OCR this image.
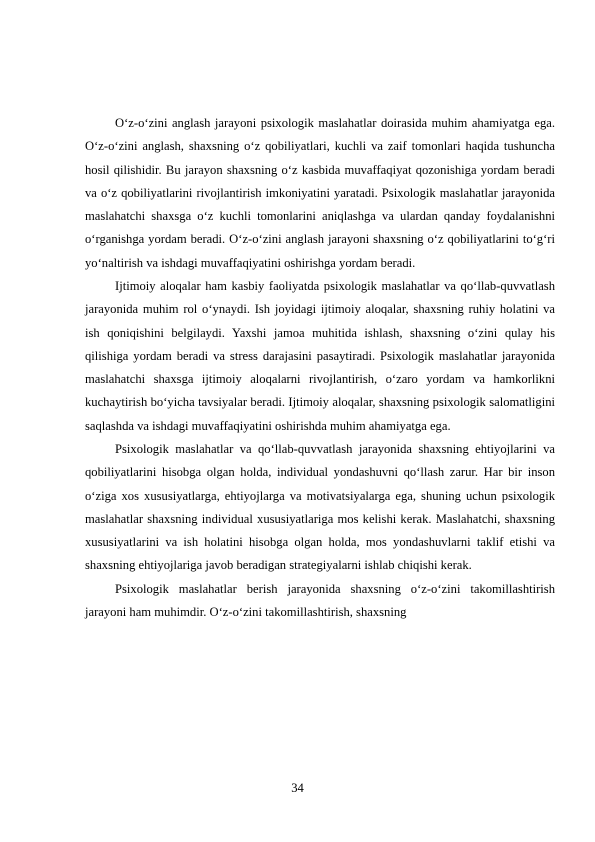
O‘z-o‘zini anglash jarayoni psixologik maslahatlar doirasida muhim ahamiyatga ega. O‘z-o‘zini anglash, shaxsning o‘z qobiliyatlari, kuchli va zaif tomonlari haqida tushuncha hosil qilishidir. Bu jarayon shaxsning o‘z kasbida muvaffaqiyat qozonishiga yordam beradi va o‘z qobiliyatlarini rivojlantirish imkoniyatini yaratadi. Psixologik maslahatlar jarayonida maslahatchi shaxsga o‘z kuchli tomonlarini aniqlashga va ulardan qanday foydalanishni o‘rganishga yordam beradi. O‘z-o‘zini anglash jarayoni shaxsning o‘z qobiliyatlarini to‘g‘ri yo‘naltirish va ishdagi muvaffaqiyatini oshirishga yordam beradi.

Ijtimoiy aloqalar ham kasbiy faoliyatda psixologik maslahatlar va qo‘llab-quvvatlash jarayonida muhim rol o‘ynaydi. Ish joyidagi ijtimoiy aloqalar, shaxsning ruhiy holatini va ish qoniqishini belgilaydi. Yaxshi jamoa muhitida ishlash, shaxsning o‘zini qulay his qilishiga yordam beradi va stress darajasini pasaytiradi. Psixologik maslahatlar jarayonida maslahatchi shaxsga ijtimoiy aloqalarni rivojlantirish, o‘zaro yordam va hamkorlikni kuchaytirish bo‘yicha tavsiyalar beradi. Ijtimoiy aloqalar, shaxsning psixologik salomatligini saqlashda va ishdagi muvaffaqiyatini oshirishda muhim ahamiyatga ega.

Psixologik maslahatlar va qo‘llab-quvvatlash jarayonida shaxsning ehtiyojlarini va qobiliyatlarini hisobga olgan holda, individual yondashuvni qo‘llash zarur. Har bir inson o‘ziga xos xususiyatlarga, ehtiyojlarga va motivatsiyalarga ega, shuning uchun psixologik maslahatlar shaxsning individual xususiyatlariga mos kelishi kerak. Maslahatchi, shaxsning xususiyatlarini va ish holatini hisobga olgan holda, mos yondashuvlarni taklif etishi va shaxsning ehtiyojlariga javob beradigan strategiyalarni ishlab chiqishi kerak.

Psixologik maslahatlar berish jarayonida shaxsning o‘z-o‘zini takomillashtirish jarayoni ham muhimdir. O‘z-o‘zini takomillashtirish, shaxsning

34
